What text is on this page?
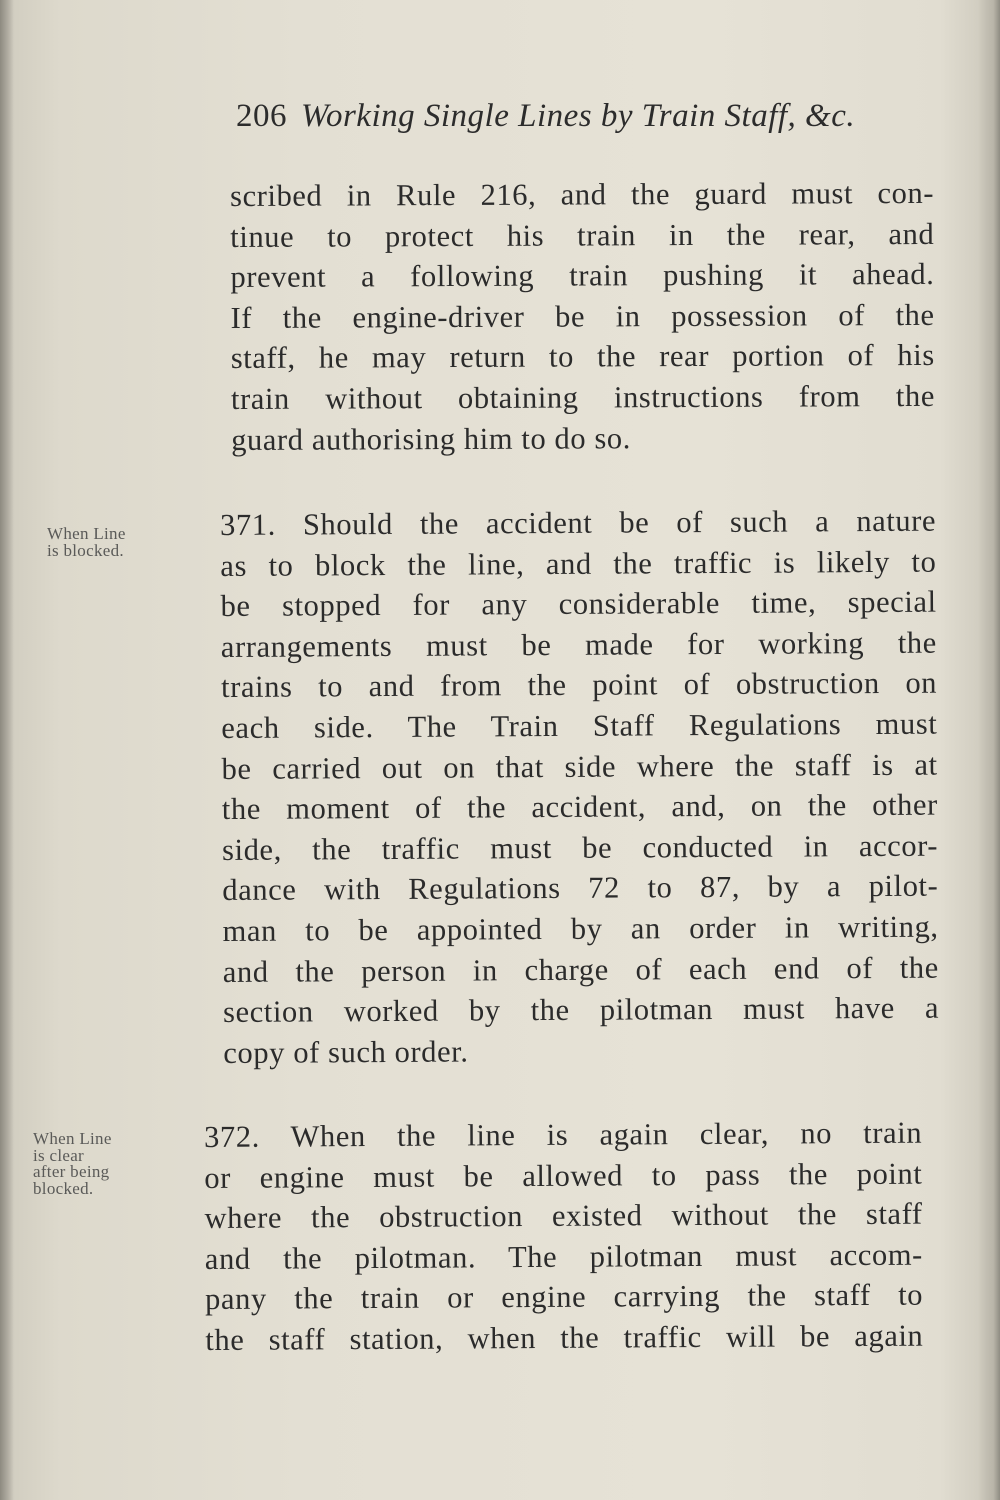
206 Working Single Lines by Train Staff, &c.
When Line
is blocked.
When Line
is clear
after being
blocked.
scribed in Rule 216, and the guard must con-
tinue to protect his train in the rear, and
prevent a following train pushing it ahead.
If the engine-driver be in possession of the
staff, he may return to the rear portion of his
train without obtaining instructions from the
guard authorising him to do so.
371. Should the accident be of such a nature
as to block the line, and the traffic is likely to
be stopped for any considerable time, special
arrangements must be made for working the
trains to and from the point of obstruction on
each side. The Train Staff Regulations must
be carried out on that side where the staff is at
the moment of the accident, and, on the other
side, the traffic must be conducted in accor-
dance with Regulations 72 to 87, by a pilot-
man to be appointed by an order in writing,
and the person in charge of each end of the
section worked by the pilotman must have a
copy of such order.
372. When the line is again clear, no train
or engine must be allowed to pass the point
where the obstruction existed without the staff
and the pilotman. The pilotman must accom-
pany the train or engine carrying the staff to
the staff station, when the traffic will be again
